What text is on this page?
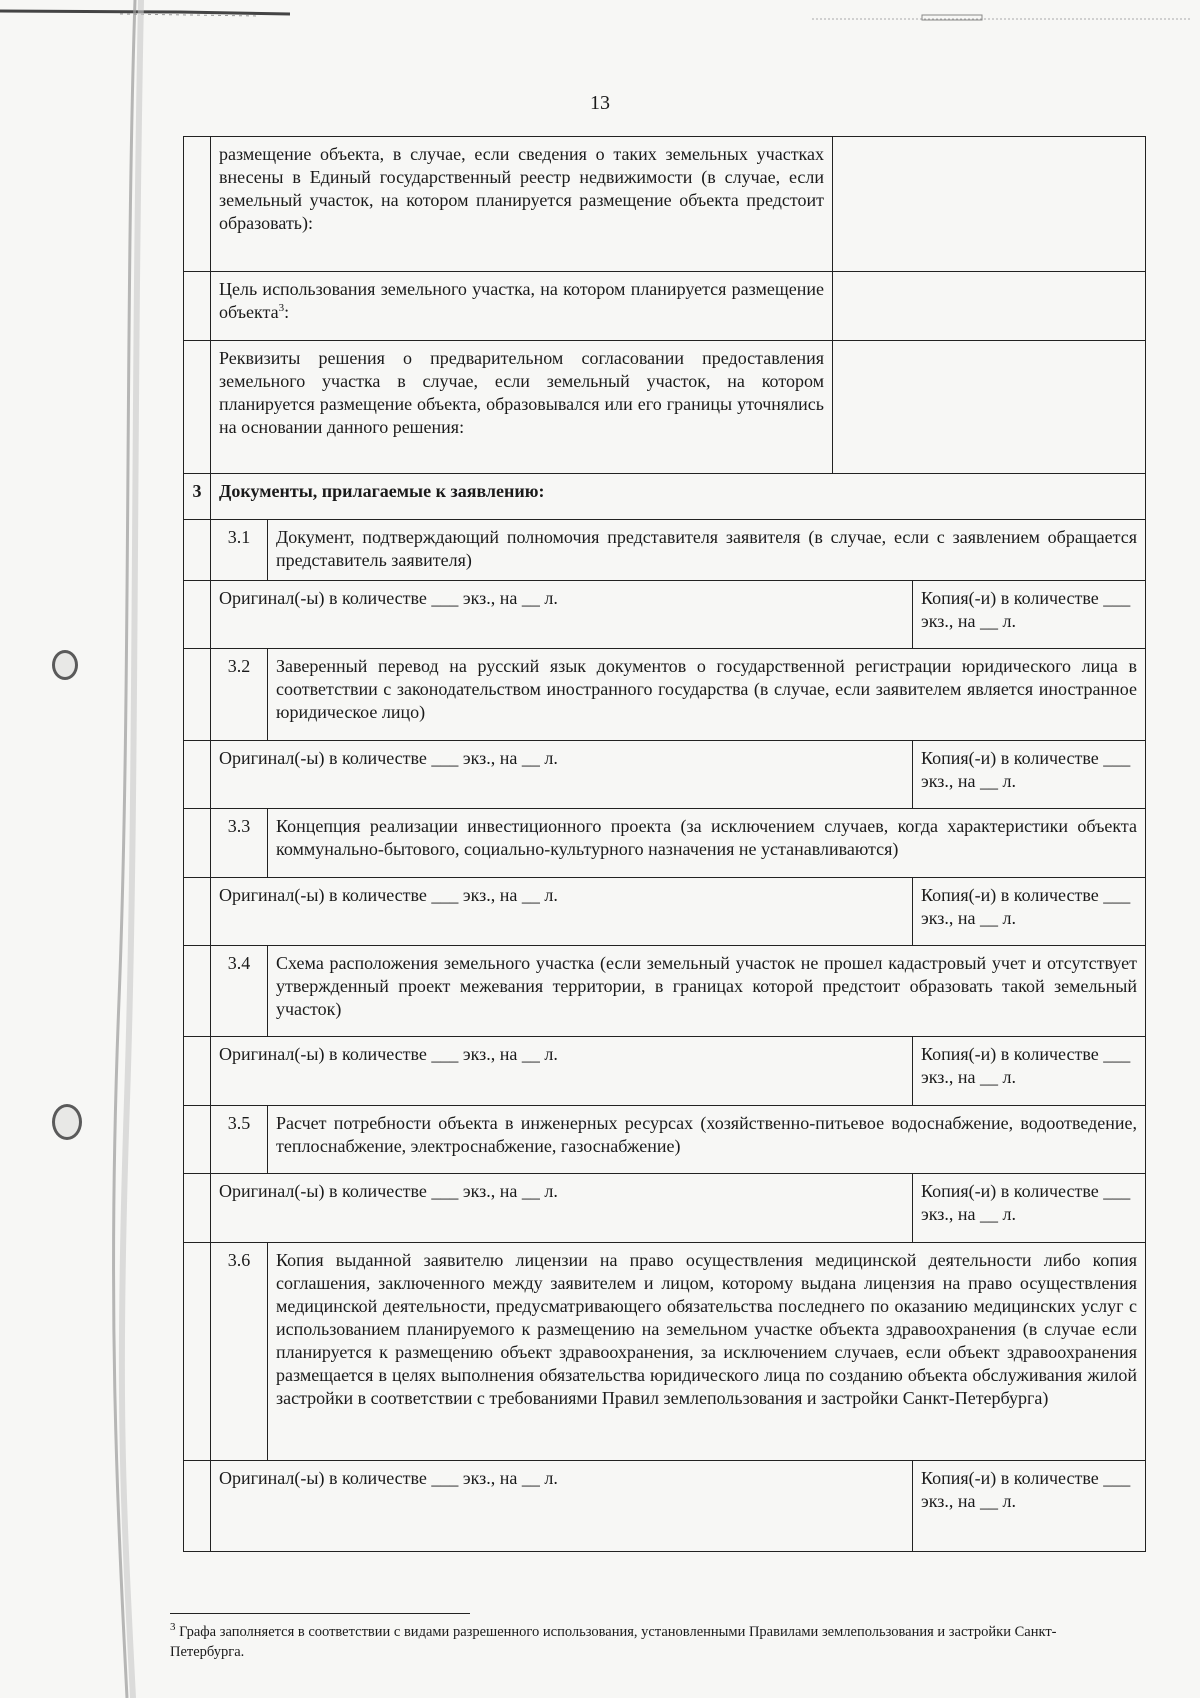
13
	размещение объекта, в случае, если сведения о таких земельных участках внесены в Единый государственный реестр недвижимости (в случае, если земельный участок, на котором планируется размещение объекта предстоит образовать):			
	Цель использования земельного участка, на котором планируется размещение объекта$^3$:			
	Реквизиты решения о предварительном согласовании предоставления земельного участка в случае, если земельный участок, на котором планируется размещение объекта, образовывался или его границы уточнялись на основании данного решения:			
3	Документы, прилагаемые к заявлению:			
	3.1	Документ, подтверждающий полномочия представителя заявителя (в случае, если с заявлением обращается представитель заявителя)		
	Оригинал(-ы) в количестве ___ экз., на __ л.			Копия(-и) в количестве ___
экз., на __ л.

	3.2	Заверенный перевод на русский язык документов о государственной регистрации юридического лица в соответствии с законодательством иностранного государства (в случае, если заявителем является иностранное юридическое лицо)		
	Оригинал(-ы) в количестве ___ экз., на __ л.			Копия(-и) в количестве ___
экз., на __ л.

	3.3	Концепция реализации инвестиционного проекта (за исключением случаев, когда характеристики объекта коммунально-бытового, социально-культурного назначения не устанавливаются)		
	Оригинал(-ы) в количестве ___ экз., на __ л.			Копия(-и) в количестве ___
экз., на __ л.

	3.4	Схема расположения земельного участка (если земельный участок не прошел кадастровый учет и отсутствует утвержденный проект межевания территории, в границах которой предстоит образовать такой земельный участок)		
	Оригинал(-ы) в количестве ___ экз., на __ л.			Копия(-и) в количестве ___
экз., на __ л.

	3.5	Расчет потребности объекта в инженерных ресурсах (хозяйственно-питьевое водоснабжение, водоотведение, теплоснабжение, электроснабжение, газоснабжение)		
	Оригинал(-ы) в количестве ___ экз., на __ л.			Копия(-и) в количестве ___
экз., на __ л.

	3.6	Копия выданной заявителю лицензии на право осуществления медицинской деятельности либо копия соглашения, заключенного между заявителем и лицом, которому выдана лицензия на право осуществления медицинской деятельности, предусматривающего обязательства последнего по оказанию медицинских услуг с использованием планируемого к размещению на земельном участке объекта здравоохранения (в случае если планируется к размещению объект здравоохранения, за исключением случаев, если объект здравоохранения размещается в целях выполнения обязательства юридического лица по созданию объекта обслуживания жилой застройки в соответствии с требованиями Правил землепользования и застройки Санкт-Петербурга)		
	Оригинал(-ы) в количестве ___ экз., на __ л.			Копия(-и) в количестве ___
экз., на __ л.
$^3$ Графа заполняется в соответствии с видами разрешенного использования, установленными Правилами землепользования и застройки Санкт-Петербурга.
